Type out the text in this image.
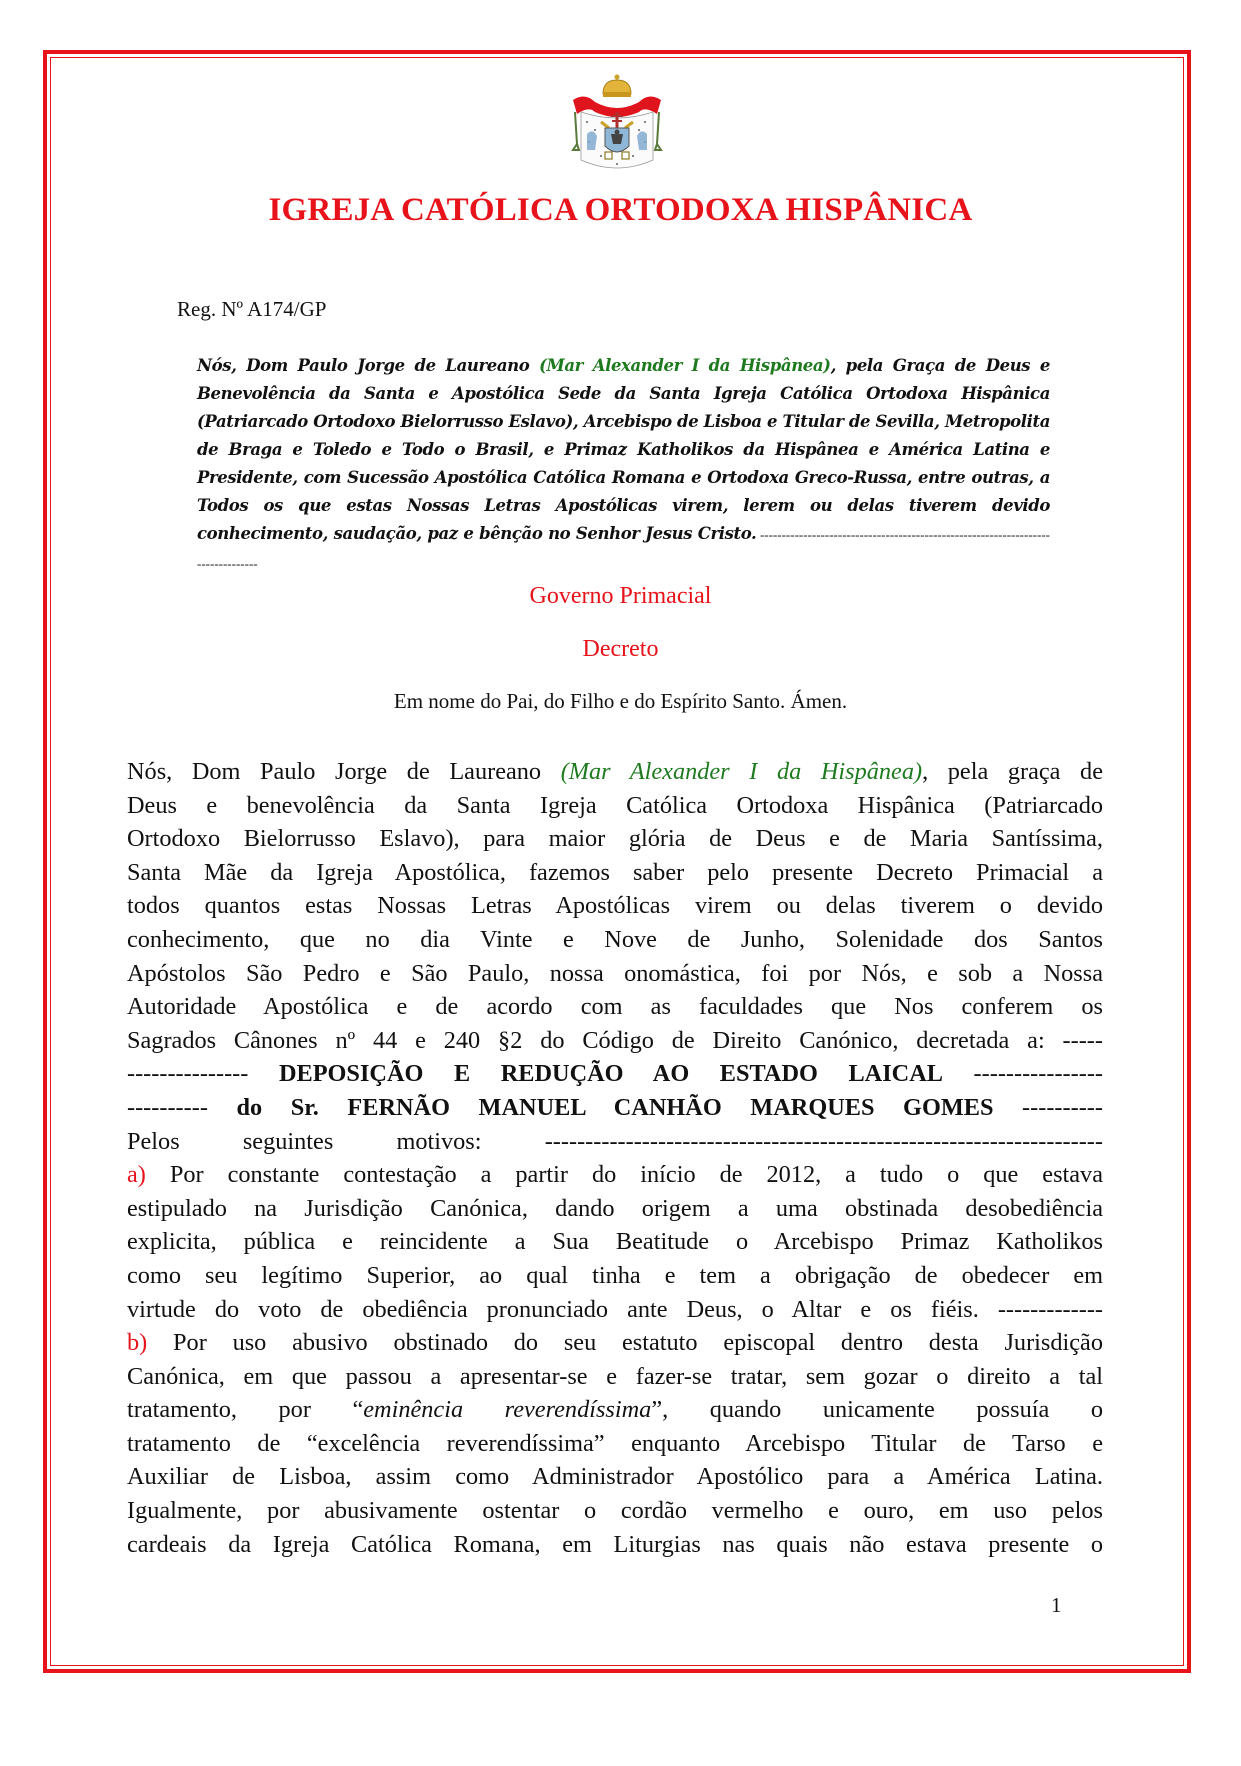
IGREJA CATÓLICA ORTODOXA HISPÂNICA
Reg. Nº A174/GP
Nós, Dom Paulo Jorge de Laureano (Mar Alexander I da Hispânea), pela Graça de Deus e Benevolência da Santa e Apostólica Sede da Santa Igreja Católica Ortodoxa Hispânica (Patriarcado Ortodoxo Bielorrusso Eslavo), Arcebispo de Lisboa e Titular de Sevilla, Metropolita de Braga e Toledo e Todo o Brasil, e Primaz Katholikos da Hispânea e América Latina e Presidente, com Sucessão Apostólica Católica Romana e Ortodoxa Greco-Russa, entre outras, a Todos os que estas Nossas Letras Apostólicas virem, lerem ou delas tiverem devido conhecimento, saudação, paz e bênção no Senhor Jesus Cristo. ---------------------------------------------------------------------------------
Governo Primacial
Decreto
Em nome do Pai, do Filho e do Espírito Santo. Ámen.
Nós, Dom Paulo Jorge de Laureano (Mar Alexander I da Hispânea), pela graça de
Deus e benevolência da Santa Igreja Católica Ortodoxa Hispânica (Patriarcado
Ortodoxo Bielorrusso Eslavo), para maior glória de Deus e de Maria Santíssima,
Santa Mãe da Igreja Apostólica, fazemos saber pelo presente Decreto Primacial a
todos quantos estas Nossas Letras Apostólicas virem ou delas tiverem o devido
conhecimento, que no dia Vinte e Nove de Junho, Solenidade dos Santos
Apóstolos São Pedro e São Paulo, nossa onomástica, foi por Nós, e sob a Nossa
Autoridade Apostólica e de acordo com as faculdades que Nos conferem os
Sagrados Cânones nº 44 e 240 §2 do Código de Direito Canónico, decretada a: -----
--------------- DEPOSIÇÃO E REDUÇÃO AO ESTADO LAICAL ----------------
---------- do Sr. FERNÃO MANUEL CANHÃO MARQUES GOMES ----------
Pelos seguintes motivos: ---------------------------------------------------------------------
a) Por constante contestação a partir do início de 2012, a tudo o que estava
estipulado na Jurisdição Canónica, dando origem a uma obstinada desobediência
explicita, pública e reincidente a Sua Beatitude o Arcebispo Primaz Katholikos
como seu legítimo Superior, ao qual tinha e tem a obrigação de obedecer em
virtude do voto de obediência pronunciado ante Deus, o Altar e os fiéis. -------------
b) Por uso abusivo obstinado do seu estatuto episcopal dentro desta Jurisdição
Canónica, em que passou a apresentar-se e fazer-se tratar, sem gozar o direito a tal
tratamento, por “eminência reverendíssima”, quando unicamente possuía o
tratamento de “excelência reverendíssima” enquanto Arcebispo Titular de Tarso e
Auxiliar de Lisboa, assim como Administrador Apostólico para a América Latina.
Igualmente, por abusivamente ostentar o cordão vermelho e ouro, em uso pelos
cardeais da Igreja Católica Romana, em Liturgias nas quais não estava presente o
1
